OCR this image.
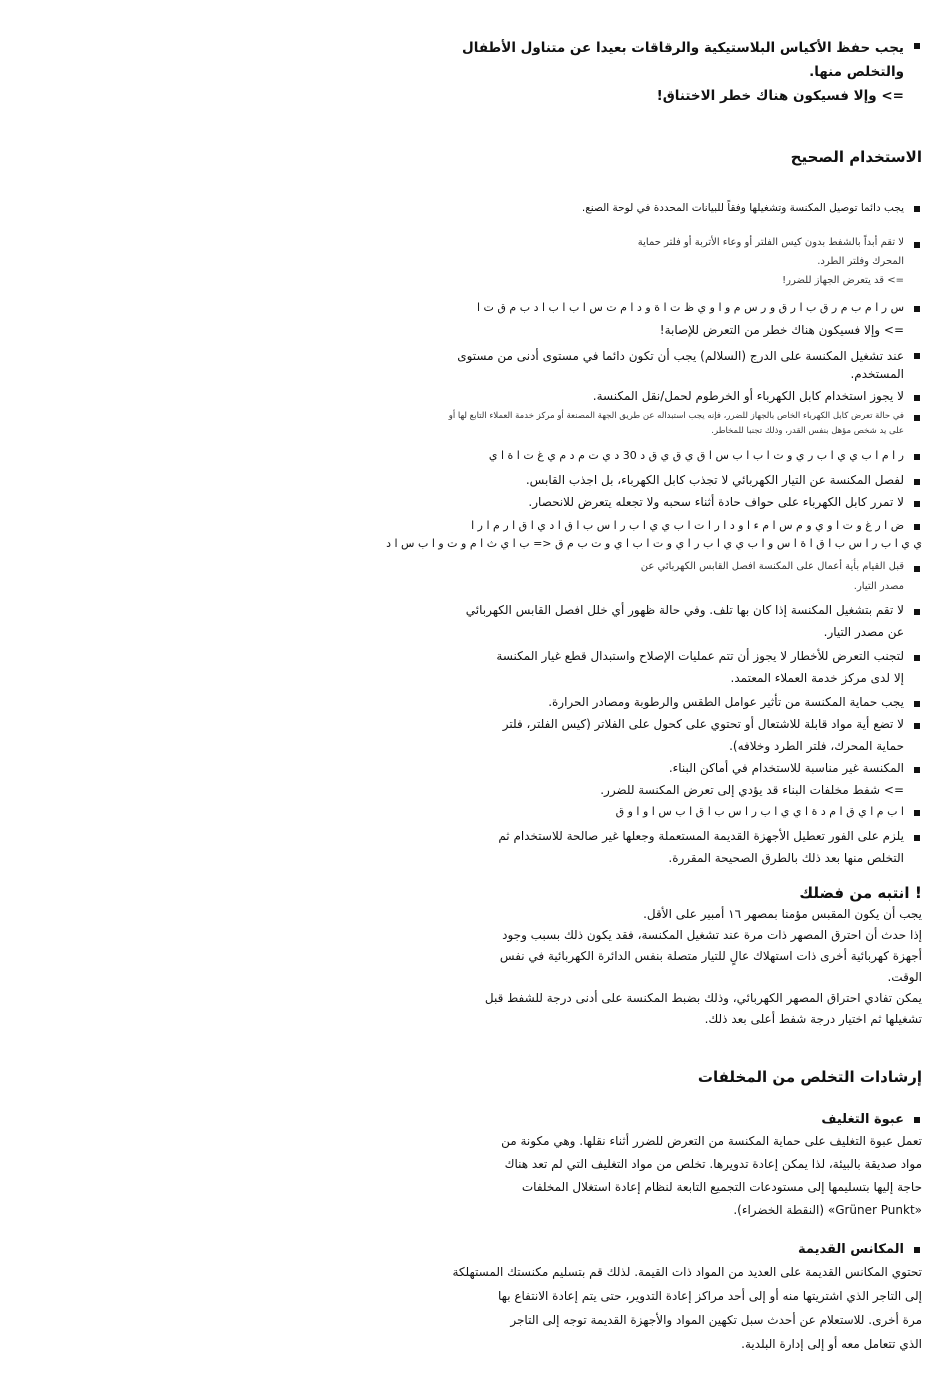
يجب حفظ الأكياس البلاستيكية والرقاقات بعيدا عن متناول الأطفال

والتخلص منها.

=> وإلا فسيكون هناك خطر الاختناق!

الاستخدام الصحيح

يجب دائما توصيل المكنسة وتشغيلها وفقاً للبيانات المحددة في لوحة الصنع.

لا تقم أبداً بالشفط بدون كيس الفلتر أو وعاء الأتربة أو فلتر حماية

المحرك وفلتر الطرد.

=> قد يتعرض الجهاز للضرر!

س ر ا م ب م ر ق ب ا ر ق و ر س م و ا و ي ظ ت ا ة و د ا م ت س ا ب ا ب ا د ب م ق ت ا

=> وإلا فسيكون هناك خطر من التعرض للإصابة!

عند تشغيل المكنسة على الدرج (السلالم) يجب أن تكون دائما في مستوى أدنى من مستوى

المستخدم.

لا يجوز استخدام كابل الكهرباء أو الخرطوم لحمل/نقل المكنسة.

في حالة تعرض كابل الكهرباء الخاص بالجهاز للضرر، فإنه يجب استبداله عن طريق الجهة المصنعة أو مركز خدمة العملاء التابع لها أو

على يد شخص مؤهل بنفس القدر، وذلك تجنبا للمخاطر.

ر ا م ا ب ي ي ا ب ر ي و ت ا ب ا ب س ا ق ي ق ي ق د 30 د ي ت م د م ي غ ت ا ة ا ي

لفصل المكنسة عن التيار الكهربائي لا تجذب كابل الكهرباء، بل اجذب القابس.

لا تمرر كابل الكهرباء على حواف حادة أثناء سحبه ولا تجعله يتعرض للانحصار.

ض ا ر غ و ت ا و ي و م س ا م ء ا و د ا ر ا ت ا ب ي ي ا ب ر ا س ب ا ق ا د ي ا ق ا ر م ا ر ا

ي ي ا ب ر ا س ب ا ق ا ة ا س و ا ب ي ي ا ب ر ا ي و ت ا ب ا ي و ت ب م ق <= ب ا ي ث ا م و ت و ا ب س ا د

قبل القيام بأية أعمال على المكنسة افصل القابس الكهربائي عن

مصدر التيار.

لا تقم بتشغيل المكنسة إذا كان بها تلف. وفي حالة ظهور أي خلل افصل القابس الكهربائي

عن مصدر التيار.

لتجنب التعرض للأخطار لا يجوز أن تتم عمليات الإصلاح واستبدال قطع غيار المكنسة

إلا لدى مركز خدمة العملاء المعتمد.

يجب حماية المكنسة من تأثير عوامل الطقس والرطوبة ومصادر الحرارة.

لا تضع أية مواد قابلة للاشتعال أو تحتوي على كحول على الفلاتر (كيس الفلتر، فلتر

حماية المحرك، فلتر الطرد وخلافه).

المكنسة غير مناسبة للاستخدام في أماكن البناء.

=> شفط مخلفات البناء قد يؤدي إلى تعرض المكنسة للضرر.

ا ب م ا ي ق ا م د ة ا ي ي ا ب ر ا س ب ا ق ا ب س ا و ا و ق

يلزم على الفور تعطيل الأجهزة القديمة المستعملة وجعلها غير صالحة للاستخدام ثم

التخلص منها بعد ذلك بالطرق الصحيحة المقررة.

! انتبه من فضلك
يجب أن يكون المقبس مؤمنا بمصهر ١٦ أمبير على الأقل.
إذا حدث أن احترق المصهر ذات مرة عند تشغيل المكنسة، فقد يكون ذلك بسبب وجود
أجهزة كهربائية أخرى ذات استهلاك عالٍ للتيار متصلة بنفس الدائرة الكهربائية في نفس
الوقت.
يمكن تفادي احتراق المصهر الكهربائي، وذلك بضبط المكنسة على أدنى درجة للشفط قبل
تشغيلها ثم اختيار درجة شفط أعلى بعد ذلك.
إرشادات التخلص من المخلفات

عبوة التغليف

تعمل عبوة التغليف على حماية المكنسة من التعرض للضرر أثناء نقلها. وهي مكونة من
مواد صديقة بالبيئة، لذا يمكن إعادة تدويرها. تخلص من مواد التغليف التي لم تعد هناك
حاجة إليها بتسليمها إلى مستودعات التجميع التابعة لنظام إعادة استغلال المخلفات
«Grüner Punkt» (النقطة الخضراء).

المكانس القديمة

تحتوي المكانس القديمة على العديد من المواد ذات القيمة. لذلك قم بتسليم مكنستك المستهلكة
إلى التاجر الذي اشتريتها منه أو إلى أحد مراكز إعادة التدوير، حتى يتم إعادة الانتفاع بها
مرة أخرى. للاستعلام عن أحدث سبل تكهين المواد والأجهزة القديمة توجه إلى التاجر
الذي تتعامل معه أو إلى إدارة البلدية.
